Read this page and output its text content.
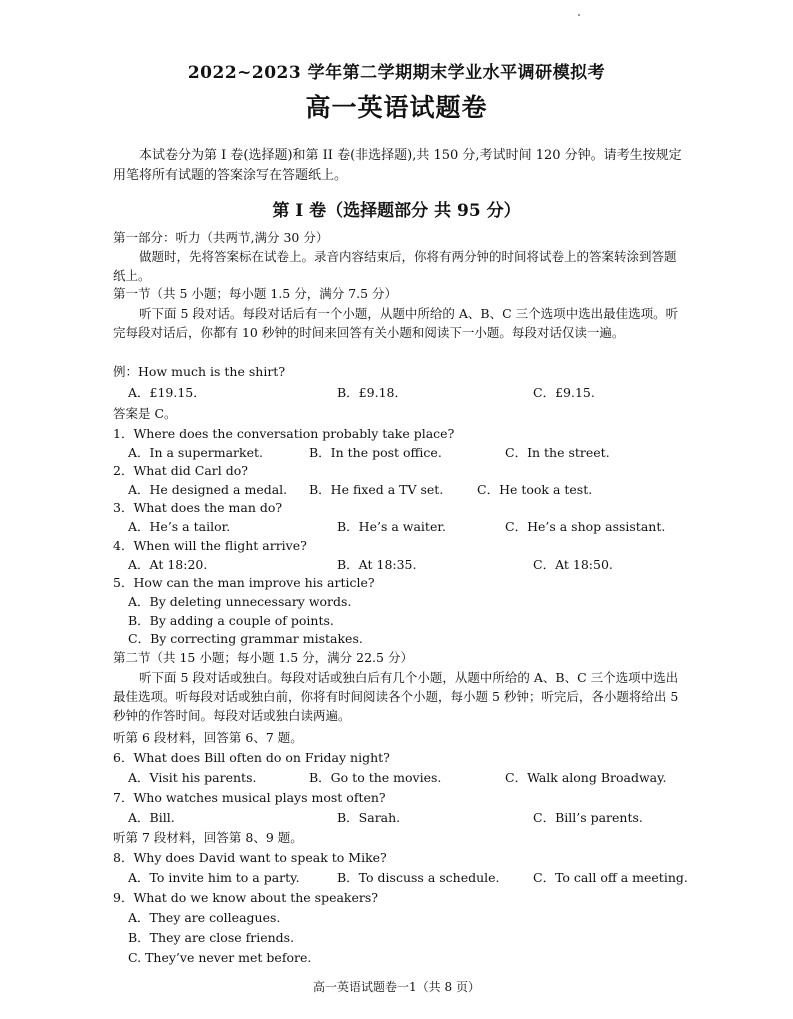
2022~2023 学年第二学期期末学业水平调研模拟考
高一英语试题卷
本试卷分为第 I 卷(选择题)和第 II 卷(非选择题),共 150 分,考试时间 120 分钟。请考生按规定用笔将所有试题的答案涂写在答题纸上。
第 I 卷（选择题部分 共 95 分）
第一部分：听力（共两节,满分 30 分）
做题时，先将答案标在试卷上。录音内容结束后，你将有两分钟的时间将试卷上的答案转涂到答题纸上。
第一节（共 5 小题；每小题 1.5 分，满分 7.5 分）
听下面 5 段对话。每段对话后有一个小题，从题中所给的 A、B、C 三个选项中选出最佳选项。听完每段对话后，你都有 10 秒钟的时间来回答有关小题和阅读下一小题。每段对话仅读一遍。
例：How much is the shirt?
A．£19.15．	B．£9.18．	C．£9.15.
答案是 C。
1．Where does the conversation probably take place?
A．In a supermarket.	B．In the post office.	C．In the street.
2．What did Carl do?
A．He designed a medal. B．He fixed a TV set.	C．He took a test.
3．What does the man do?
A．He’s a tailor.	B．He’s a waiter.	C．He’s a shop assistant.
4．When will the flight arrive?
A．At 18:20.	B．At 18:35.	C．At 18:50.
5．How can the man improve his article?
A．By deleting unnecessary words.
B．By adding a couple of points.
C．By correcting grammar mistakes.
第二节（共 15 小题；每小题 1.5 分，满分 22.5 分）
听下面 5 段对话或独白。每段对话或独白后有几个小题，从题中所给的 A、B、C 三个选项中选出最佳选项。听每段对话或独白前，你将有时间阅读各个小题，每小题 5 秒钟；听完后，各小题将给出 5 秒钟的作答时间。每段对话或独白读两遍。
听第 6 段材料，回答第 6、7 题。
6．What does Bill often do on Friday night?
A．Visit his parents.	B．Go to the movies.	C．Walk along Broadway.
7．Who watches musical plays most often?
A．Bill.	B．Sarah.	C．Bill’s parents.
听第 7 段材料，回答第 8、9 题。
8．Why does David want to speak to Mike?
A．To invite him to a party.	B．To discuss a schedule.	C．To call off a meeting.
9．What do we know about the speakers?
A．They are colleagues.
B．They are close friends.
C. They’ve never met before.
高一英语试题卷一1（共 8 页）
